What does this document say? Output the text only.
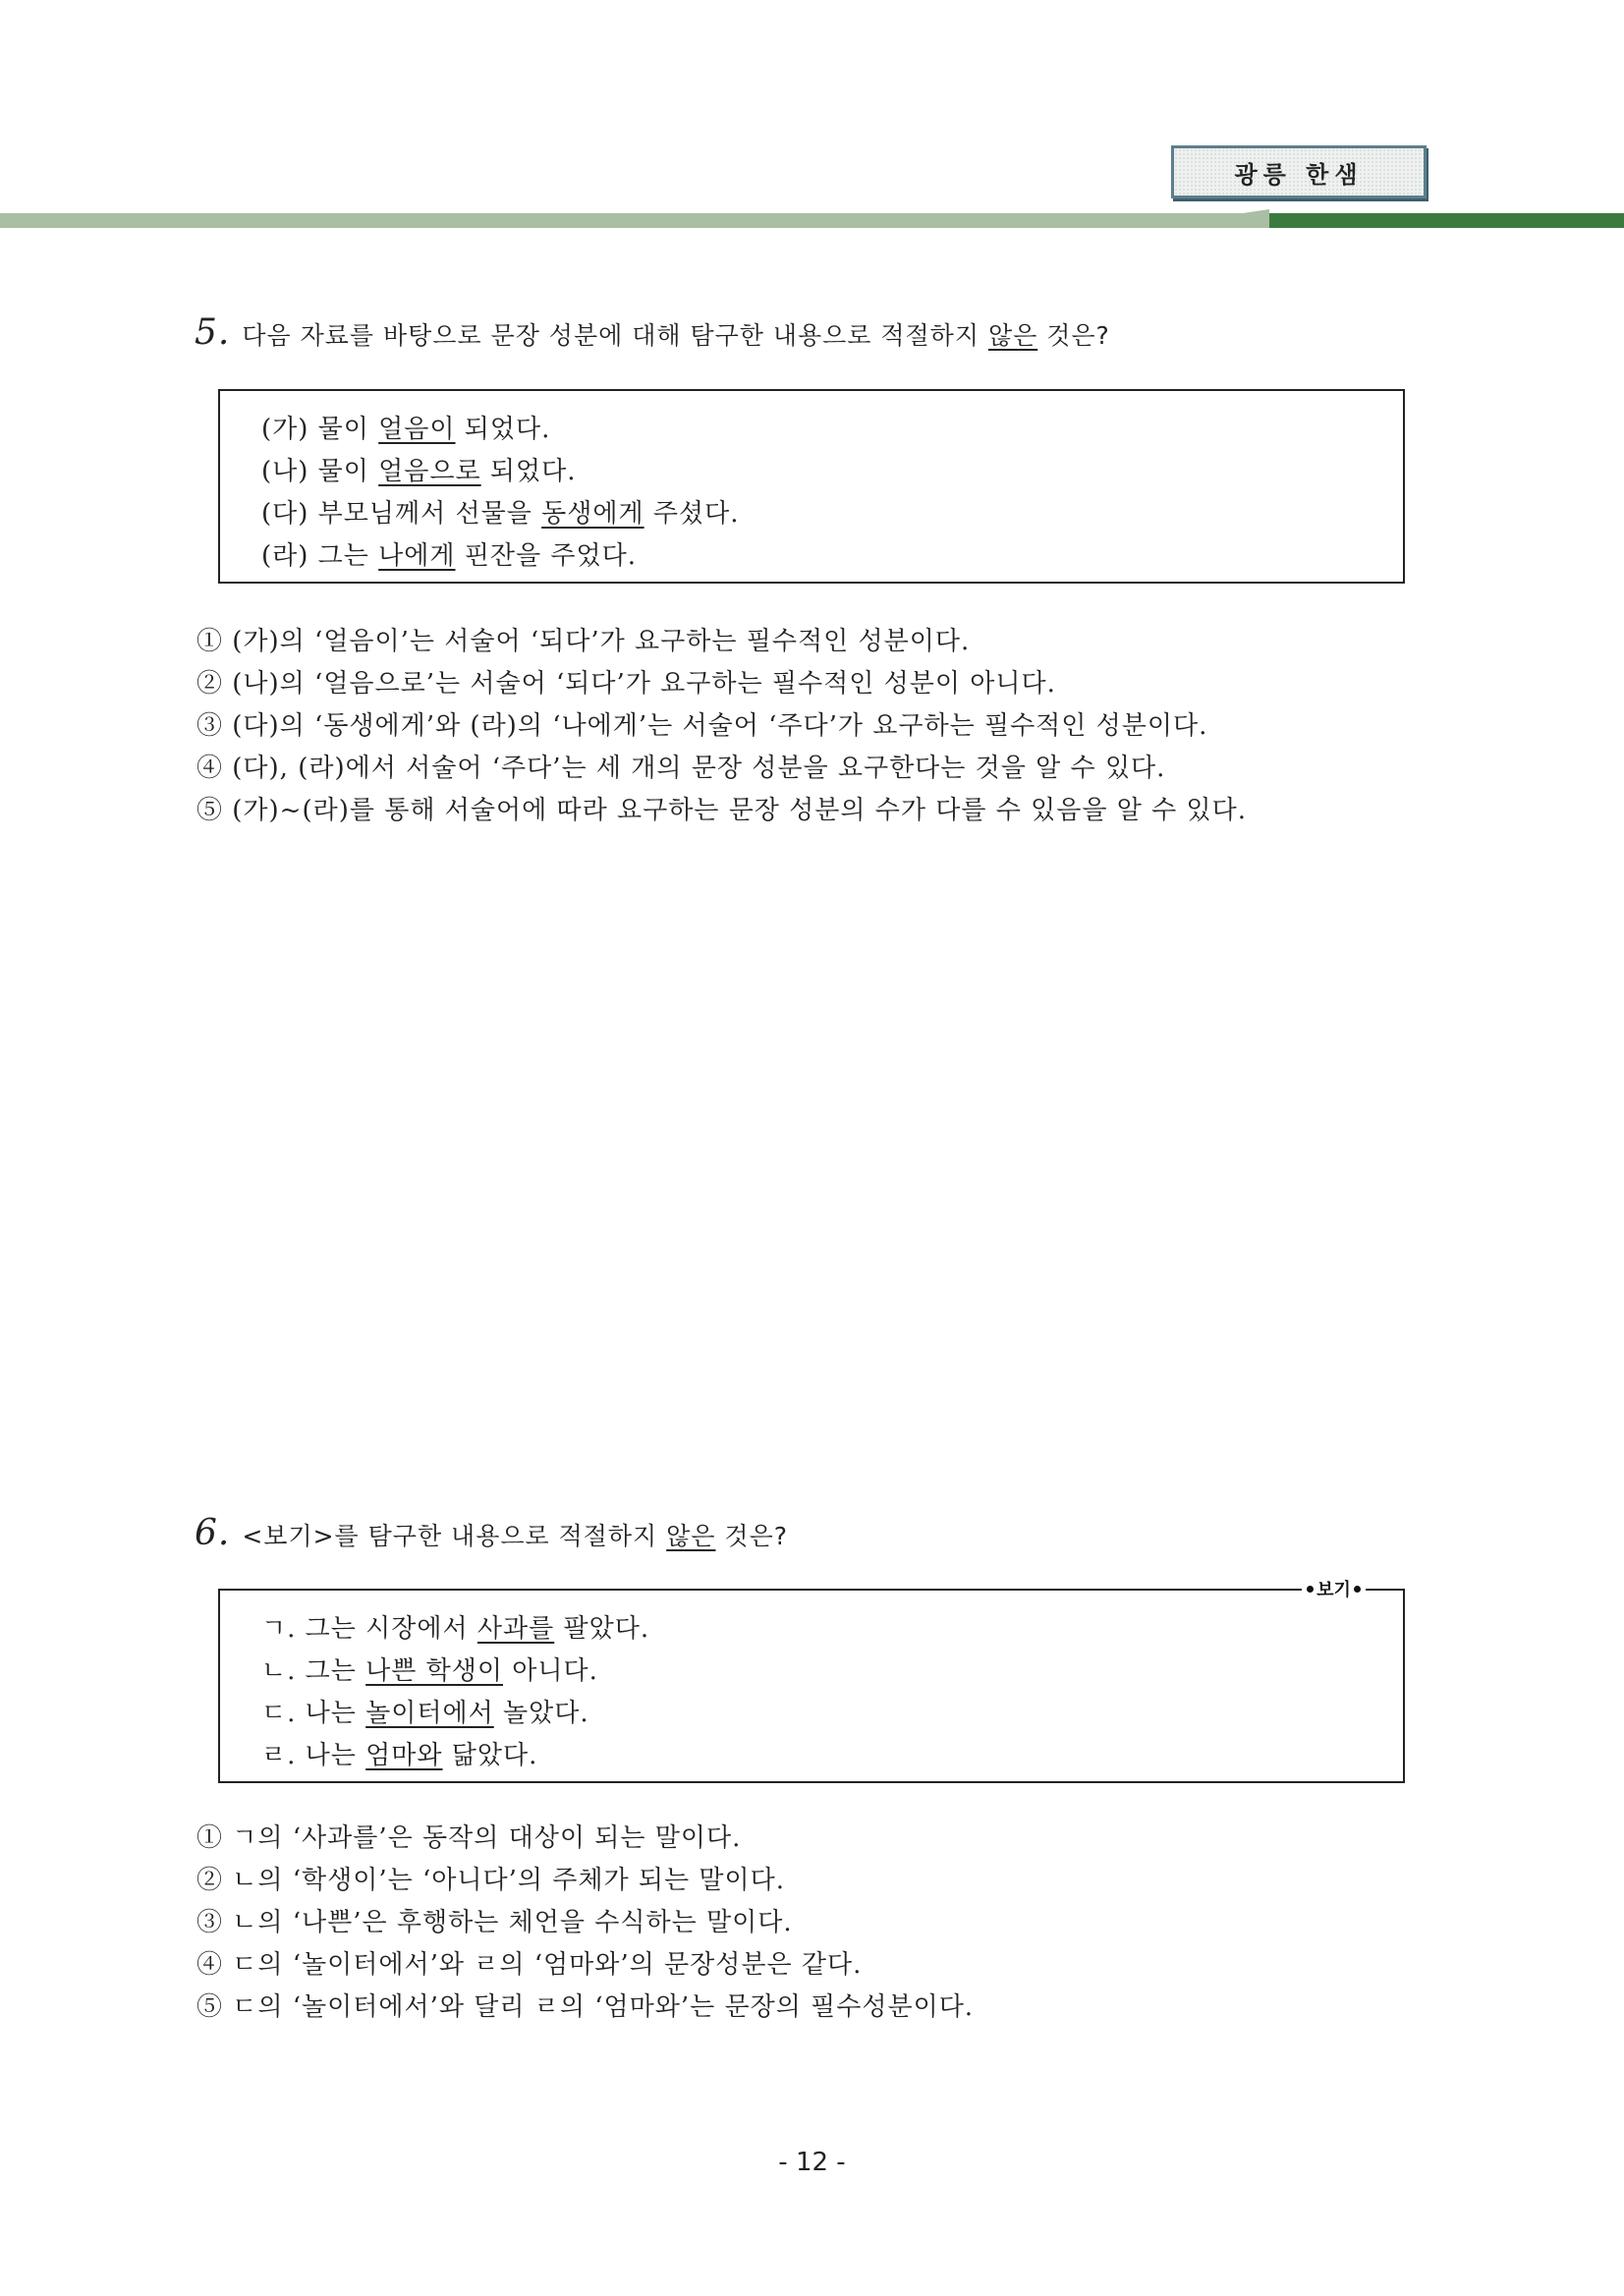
광릉 한샘
5. 다음 자료를 바탕으로 문장 성분에 대해 탐구한 내용으로 적절하지 않은 것은?
(가) 물이 얼음이 되었다.
(나) 물이 얼음으로 되었다.
(다) 부모님께서 선물을 동생에게 주셨다.
(라) 그는 나에게 핀잔을 주었다.
① (가)의 ‘얼음이’는 서술어 ‘되다’가 요구하는 필수적인 성분이다.
② (나)의 ‘얼음으로’는 서술어 ‘되다’가 요구하는 필수적인 성분이 아니다.
③ (다)의 ‘동생에게’와 (라)의 ‘나에게’는 서술어 ‘주다’가 요구하는 필수적인 성분이다.
④ (다), (라)에서 서술어 ‘주다’는 세 개의 문장 성분을 요구한다는 것을 알 수 있다.
⑤ (가)~(라)를 통해 서술어에 따라 요구하는 문장 성분의 수가 다를 수 있음을 알 수 있다.
6. <보기>를 탐구한 내용으로 적절하지 않은 것은?
ㄱ. 그는 시장에서 사과를 팔았다.
ㄴ. 그는 나쁜 학생이 아니다.
ㄷ. 나는 놀이터에서 놀았다.
ㄹ. 나는 엄마와 닮았다.
보기
① ㄱ의 ‘사과를’은 동작의 대상이 되는 말이다.
② ㄴ의 ‘학생이’는 ‘아니다’의 주체가 되는 말이다.
③ ㄴ의 ‘나쁜’은 후행하는 체언을 수식하는 말이다.
④ ㄷ의 ‘놀이터에서’와 ㄹ의 ‘엄마와’의 문장성분은 같다.
⑤ ㄷ의 ‘놀이터에서’와 달리 ㄹ의 ‘엄마와’는 문장의 필수성분이다.
- 12 -
